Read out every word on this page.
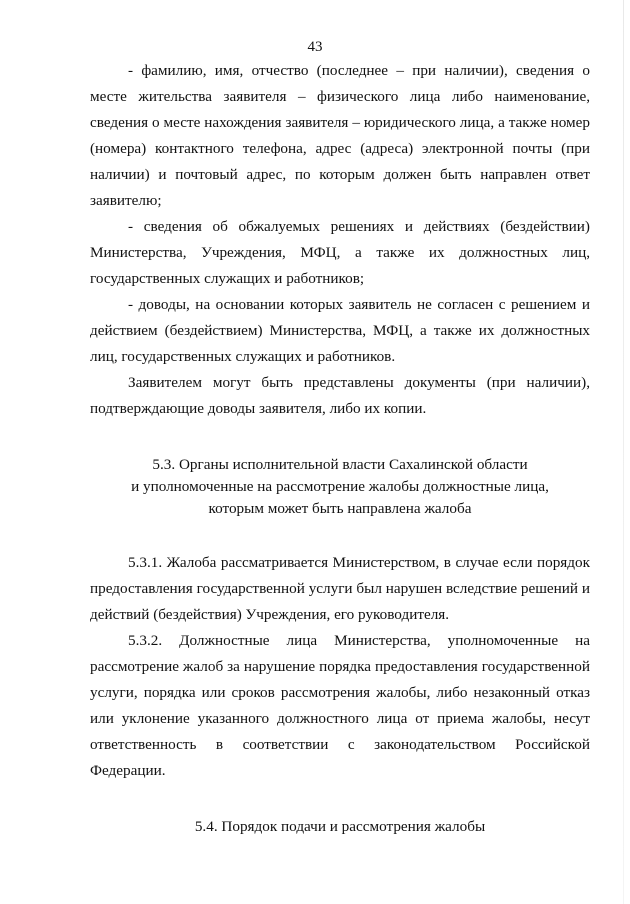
43

- фамилию, имя, отчество (последнее – при наличии), сведения о месте жительства заявителя – физического лица либо наименование, сведения о месте нахождения заявителя – юридического лица, а также номер (номера) контактного телефона, адрес (адреса) электронной почты (при наличии) и почтовый адрес, по которым должен быть направлен ответ заявителю;

- сведения об обжалуемых решениях и действиях (бездействии) Министерства, Учреждения, МФЦ, а также их должностных лиц, государственных служащих и работников;

- доводы, на основании которых заявитель не согласен с решением и действием (бездействием) Министерства, МФЦ, а также их должностных лиц, государственных служащих и работников.

Заявителем могут быть представлены документы (при наличии), подтверждающие доводы заявителя, либо их копии.

5.3. Органы исполнительной власти Сахалинской области
и уполномоченные на рассмотрение жалобы должностные лица,
которым может быть направлена жалоба

5.3.1. Жалоба рассматривается Министерством, в случае если порядок предоставления государственной услуги был нарушен вследствие решений и действий (бездействия) Учреждения, его руководителя.

5.3.2. Должностные лица Министерства, уполномоченные на рассмотрение жалоб за нарушение порядка предоставления государственной услуги, порядка или сроков рассмотрения жалобы, либо незаконный отказ или уклонение указанного должностного лица от приема жалобы, несут ответственность в соответствии с законодательством Российской Федерации.

5.4. Порядок подачи и рассмотрения жалобы
